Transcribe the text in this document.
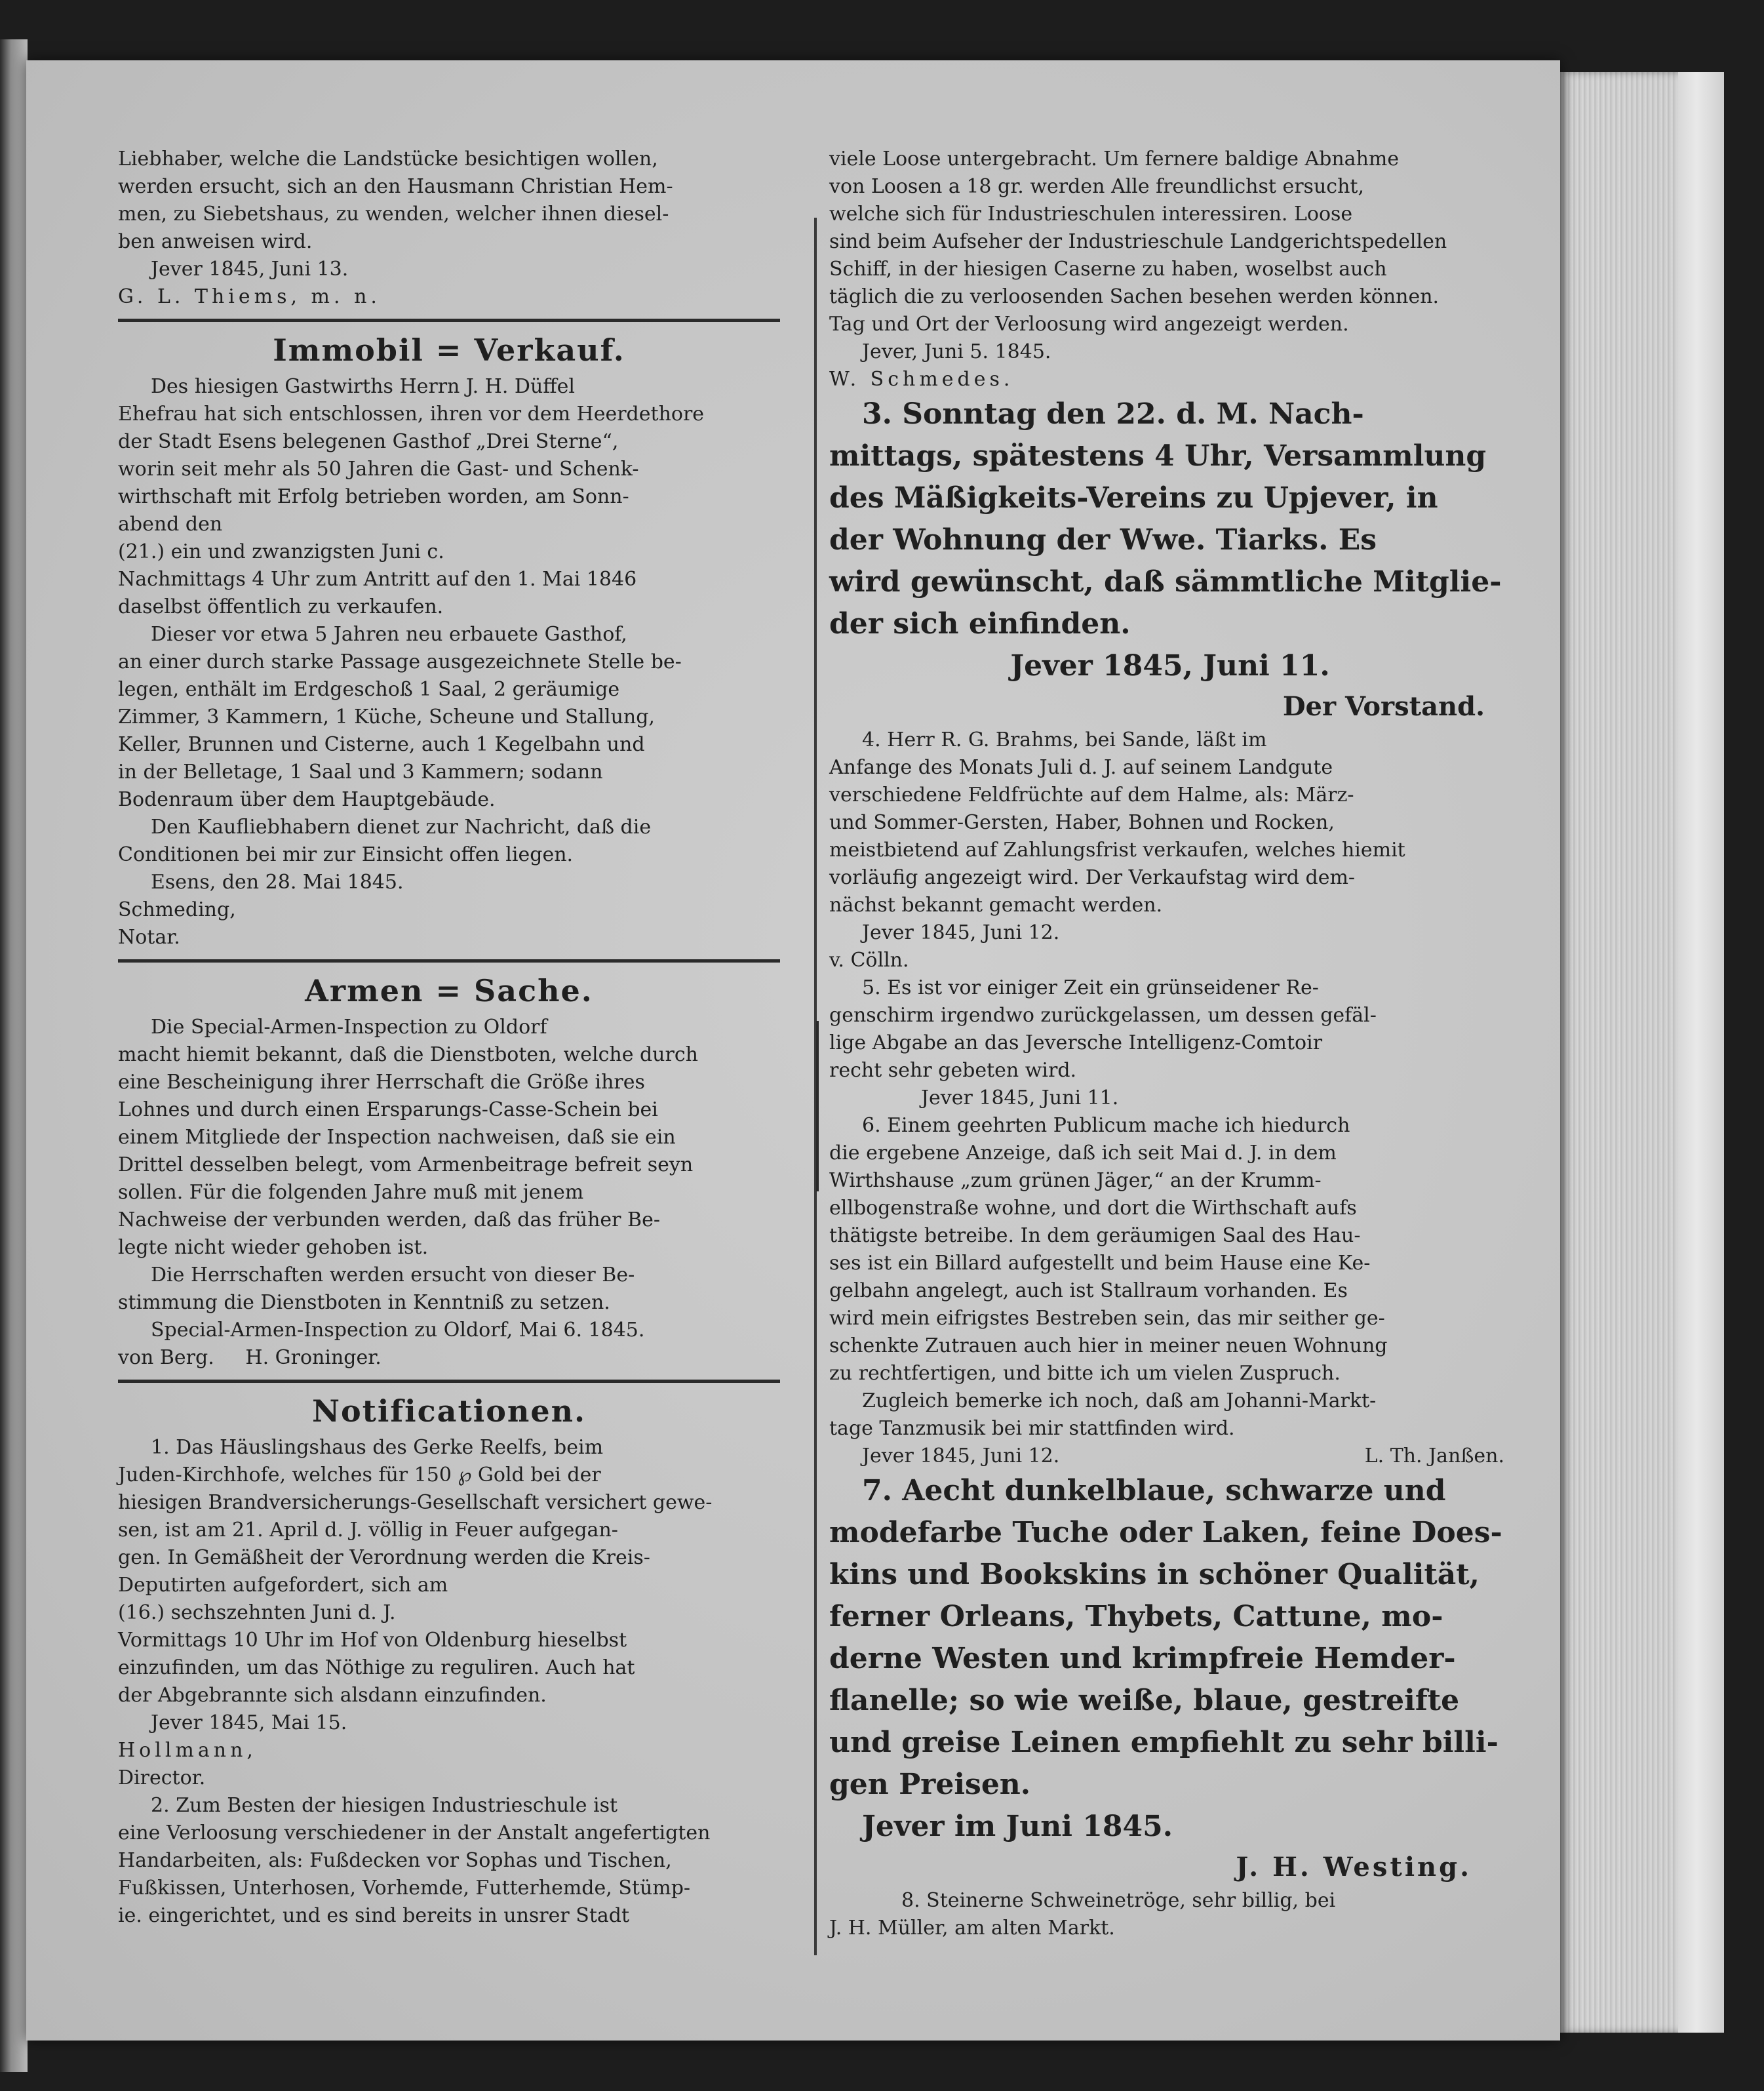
Liebhaber, welche die Landstücke besichtigen wollen,

werden ersucht, sich an den Hausmann Christian Hem-

men, zu Siebetshaus, zu wenden, welcher ihnen diesel-

ben anweisen wird.

Jever 1845, Juni 13.

G. L. Thiems, m. n.

Immobil = Verkauf.

Des hiesigen Gastwirths Herrn J. H. Düffel

Ehefrau hat sich entschlossen, ihren vor dem Heerdethore

der Stadt Esens belegenen Gasthof „Drei Sterne“,

worin seit mehr als 50 Jahren die Gast- und Schenk-

wirthschaft mit Erfolg betrieben worden, am Sonn-

abend den

(21.) ein und zwanzigsten Juni c.

Nachmittags 4 Uhr zum Antritt auf den 1. Mai 1846

daselbst öffentlich zu verkaufen.

Dieser vor etwa 5 Jahren neu erbauete Gasthof,

an einer durch starke Passage ausgezeichnete Stelle be-

legen, enthält im Erdgeschoß 1 Saal, 2 geräumige

Zimmer, 3 Kammern, 1 Küche, Scheune und Stallung,

Keller, Brunnen und Cisterne, auch 1 Kegelbahn und

in der Belletage, 1 Saal und 3 Kammern; sodann

Bodenraum über dem Hauptgebäude.

Den Kaufliebhabern dienet zur Nachricht, daß die

Conditionen bei mir zur Einsicht offen liegen.

Esens, den 28. Mai 1845.

Schmeding,

Notar.

Armen = Sache.

Die Special-Armen-Inspection zu Oldorf

macht hiemit bekannt, daß die Dienstboten, welche durch

eine Bescheinigung ihrer Herrschaft die Größe ihres

Lohnes und durch einen Ersparungs-Casse-Schein bei

einem Mitgliede der Inspection nachweisen, daß sie ein

Drittel desselben belegt, vom Armenbeitrage befreit seyn

sollen. Für die folgenden Jahre muß mit jenem

Nachweise der verbunden werden, daß das früher Be-

legte nicht wieder gehoben ist.

Die Herrschaften werden ersucht von dieser Be-

stimmung die Dienstboten in Kenntniß zu setzen.

Special-Armen-Inspection zu Oldorf, Mai 6. 1845.

von Berg.     H. Groninger.

Notificationen.

1. Das Häuslingshaus des Gerke Reelfs, beim

Juden-Kirchhofe, welches für 150 ℘ Gold bei der

hiesigen Brandversicherungs-Gesellschaft versichert gewe-

sen, ist am 21. April d. J. völlig in Feuer aufgegan-

gen. In Gemäßheit der Verordnung werden die Kreis-

Deputirten aufgefordert, sich am

(16.) sechszehnten Juni d. J.

Vormittags 10 Uhr im Hof von Oldenburg hieselbst

einzufinden, um das Nöthige zu reguliren. Auch hat

der Abgebrannte sich alsdann einzufinden.

Jever 1845, Mai 15.

Hollmann,

Director.

2. Zum Besten der hiesigen Industrieschule ist

eine Verloosung verschiedener in der Anstalt angefertigten

Handarbeiten, als: Fußdecken vor Sophas und Tischen,

Fußkissen, Unterhosen, Vorhemde, Futterhemde, Stümp-

ie. eingerichtet, und es sind bereits in unsrer Stadt

viele Loose untergebracht. Um fernere baldige Abnahme

von Loosen a 18 gr. werden Alle freundlichst ersucht,

welche sich für Industrieschulen interessiren. Loose

sind beim Aufseher der Industrieschule Landgerichtspedellen

Schiff, in der hiesigen Caserne zu haben, woselbst auch

täglich die zu verloosenden Sachen besehen werden können.

Tag und Ort der Verloosung wird angezeigt werden.

Jever, Juni 5. 1845.

W. Schmedes.

3. Sonntag den 22. d. M. Nach-

mittags, spätestens 4 Uhr, Versammlung

des Mäßigkeits-Vereins zu Upjever, in

der Wohnung der Wwe. Tiarks. Es

wird gewünscht, daß sämmtliche Mitglie-

der sich einfinden.

Jever 1845, Juni 11.

Der Vorstand.

4. Herr R. G. Brahms, bei Sande, läßt im

Anfange des Monats Juli d. J. auf seinem Landgute

verschiedene Feldfrüchte auf dem Halme, als: März-

und Sommer-Gersten, Haber, Bohnen und Rocken,

meistbietend auf Zahlungsfrist verkaufen, welches hiemit

vorläufig angezeigt wird. Der Verkaufstag wird dem-

nächst bekannt gemacht werden.

Jever 1845, Juni 12.

v. Cölln.

5. Es ist vor einiger Zeit ein grünseidener Re-

genschirm irgendwo zurückgelassen, um dessen gefäl-

lige Abgabe an das Jeversche Intelligenz-Comtoir

recht sehr gebeten wird.

Jever 1845, Juni 11.

6. Einem geehrten Publicum mache ich hiedurch

die ergebene Anzeige, daß ich seit Mai d. J. in dem

Wirthshause „zum grünen Jäger,“ an der Krumm-

ellbogenstraße wohne, und dort die Wirthschaft aufs

thätigste betreibe. In dem geräumigen Saal des Hau-

ses ist ein Billard aufgestellt und beim Hause eine Ke-

gelbahn angelegt, auch ist Stallraum vorhanden. Es

wird mein eifrigstes Bestreben sein, das mir seither ge-

schenkte Zutrauen auch hier in meiner neuen Wohnung

zu rechtfertigen, und bitte ich um vielen Zuspruch.

Zugleich bemerke ich noch, daß am Johanni-Markt-

tage Tanzmusik bei mir stattfinden wird.

Jever 1845, Juni 12.	L. Th. Janßen.

7. Aecht dunkelblaue, schwarze und

modefarbe Tuche oder Laken, feine Does-

kins und Bookskins in schöner Qualität,

ferner Orleans, Thybets, Cattune, mo-

derne Westen und krimpfreie Hemder-

flanelle; so wie weiße, blaue, gestreifte

und greise Leinen empfiehlt zu sehr billi-

gen Preisen.

Jever im Juni 1845.

J. H. Westing.

8. Steinerne Schweinetröge, sehr billig, bei

J. H. Müller, am alten Markt.
